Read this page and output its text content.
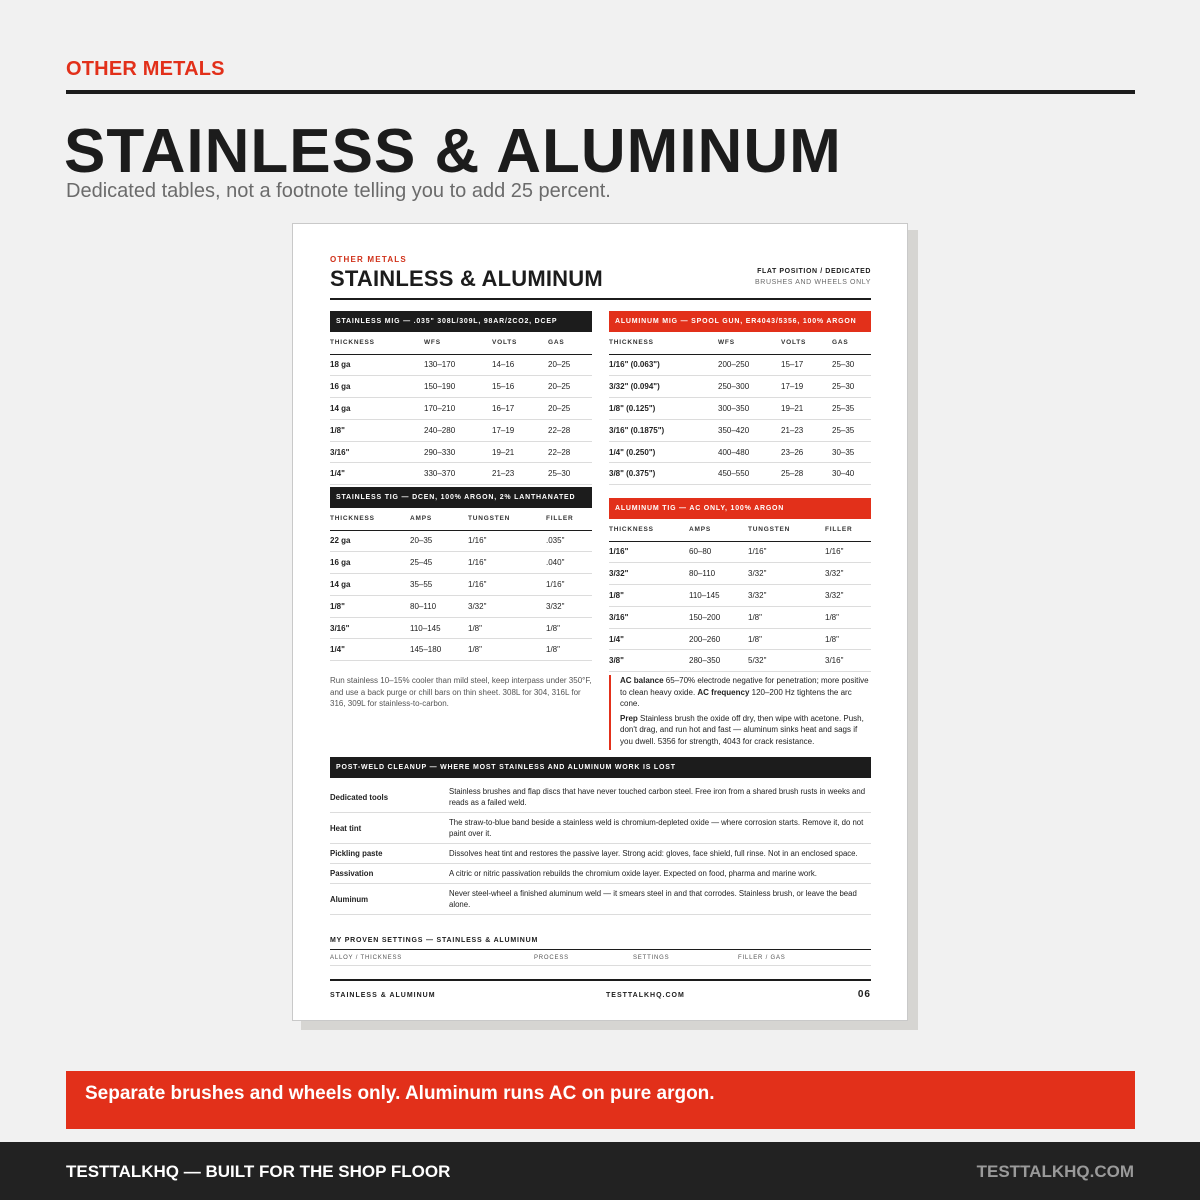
OTHER METALS
STAINLESS & ALUMINUM
Dedicated tables, not a footnote telling you to add 25 percent.
OTHER METALS
STAINLESS & ALUMINUM	FLAT POSITION / DEDICATED
BRUSHES AND WHEELS ONLY
STAINLESS MIG — .035" 308L/309L, 98AR/2CO2, DCEP
THICKNESS	WFS	VOLTS	GAS
18 ga	130–170	14–16	20–25
16 ga	150–190	15–16	20–25
14 ga	170–210	16–17	20–25
1/8"	240–280	17–19	22–28
3/16"	290–330	19–21	22–28
1/4"	330–370	21–23	25–30
STAINLESS TIG — DCEN, 100% ARGON, 2% LANTHANATED
THICKNESS	AMPS	TUNGSTEN	FILLER
22 ga	20–35	1/16"	.035"
16 ga	25–45	1/16"	.040"
14 ga	35–55	1/16"	1/16"
1/8"	80–110	3/32"	3/32"
3/16"	110–145	1/8"	1/8"
1/4"	145–180	1/8"	1/8"
ALUMINUM MIG — SPOOL GUN, ER4043/5356, 100% ARGON
THICKNESS	WFS	VOLTS	GAS
1/16" (0.063")	200–250	15–17	25–30
3/32" (0.094")	250–300	17–19	25–30
1/8" (0.125")	300–350	19–21	25–35
3/16" (0.1875")	350–420	21–23	25–35
1/4" (0.250")	400–480	23–26	30–35
3/8" (0.375")	450–550	25–28	30–40
ALUMINUM TIG — AC ONLY, 100% ARGON
THICKNESS	AMPS	TUNGSTEN	FILLER
1/16"	60–80	1/16"	1/16"
3/32"	80–110	3/32"	3/32"
1/8"	110–145	3/32"	3/32"
3/16"	150–200	1/8"	1/8"
1/4"	200–260	1/8"	1/8"
3/8"	280–350	5/32"	3/16"
Run stainless 10–15% cooler than mild steel, keep interpass under 350°F, and use a back purge or chill bars on thin sheet. 308L for 304, 316L for 316, 309L for stainless-to-carbon.

AC balance 65–70% electrode negative for penetration; more positive to clean heavy oxide. AC frequency 120–200 Hz tightens the arc cone.

Prep Stainless brush the oxide off dry, then wipe with acetone. Push, don't drag, and run hot and fast — aluminum sinks heat and sags if you dwell. 5356 for strength, 4043 for crack resistance.

POST-WELD CLEANUP — WHERE MOST STAINLESS AND ALUMINUM WORK IS LOST
Dedicated tools	Stainless brushes and flap discs that have never touched carbon steel. Free iron from a shared brush rusts in weeks and reads as a failed weld.
Heat tint	The straw-to-blue band beside a stainless weld is chromium-depleted oxide — where corrosion starts. Remove it, do not paint over it.
Pickling paste	Dissolves heat tint and restores the passive layer. Strong acid: gloves, face shield, full rinse. Not in an enclosed space.
Passivation	A citric or nitric passivation rebuilds the chromium oxide layer. Expected on food, pharma and marine work.
Aluminum	Never steel-wheel a finished aluminum weld — it smears steel in and that corrodes. Stainless brush, or leave the bead alone.
MY PROVEN SETTINGS — STAINLESS & ALUMINUM
ALLOY / THICKNESS	PROCESS	SETTINGS	FILLER / GAS
STAINLESS & ALUMINUM	TESTTALKHQ.COM	06
Separate brushes and wheels only. Aluminum runs AC on pure argon.
TESTTALKHQ — BUILT FOR THE SHOP FLOOR	TESTTALKHQ.COM
